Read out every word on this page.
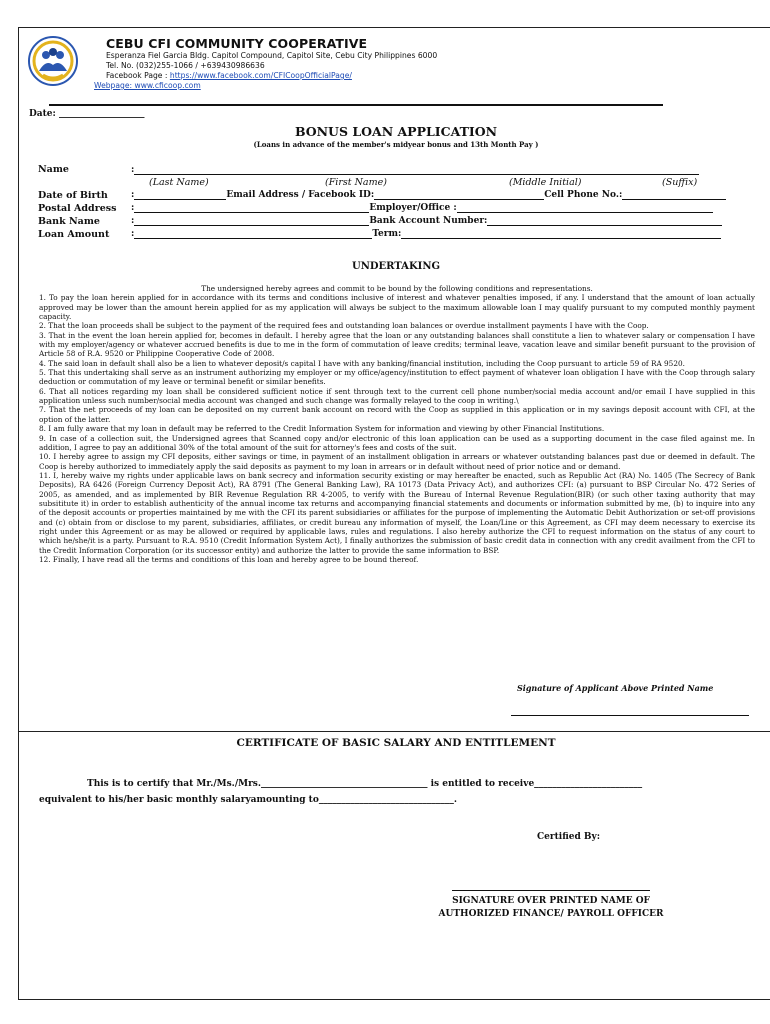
CEBU CFI COMMUNITY COOPERATIVE
Esperanza Fiel Garcia Bldg. Capitol Compound, Capitol Site, Cebu City Philippines 6000
Tel. No. (032)255-1066 / +639430986636
Facebook Page : https://www.facebook.com/CFICoopOfficialPage/
Webpage: www.cficoop.com
Date: ___________________
BONUS LOAN APPLICATION
(Loans in advance of the member's midyear bonus and 13th Month Pay )
Name	:
(Last Name)	(First Name)	(Middle Initial)	(Suffix)
Date of Birth	:	Email Address / Facebook ID:	Cell Phone No.:
Postal Address :	Employer/Office :
Bank Name	:	Bank Account Number:
Loan Amount :	Term:
UNDERTAKING

The undersigned hereby agrees and commit to be bound by the following conditions and representations.

1. To pay the loan herein applied for in accordance with its terms and conditions inclusive of interest and whatever penalties imposed, if any. I understand that the amount of loan actually approved may be lower than the amount herein applied for as my application will always be subject to the maximum allowable loan I may qualify pursuant to my computed monthly payment capacity.

2. That the loan proceeds shall be subject to the payment of the required fees and outstanding loan balances or overdue installment payments I have with the Coop.

3. That in the event the loan herein applied for, becomes in default. I hereby agree that the loan or any outstanding balances shall constitute a lien to whatever salary or compensation I have with my employer/agency or whatever accrued benefits is due to me in the form of commutation of leave credits; terminal leave, vacation leave and similar benefit pursuant to the provision of Article 58 of R.A. 9520 or Philippine Cooperative Code of 2008.

4. The said loan in default shall also be a lien to whatever deposit/s capital I have with any banking/financial institution, including the Coop pursuant to article 59 of RA 9520.

5. That this undertaking shall serve as an instrument authorizing my employer or my office/agency/institution to effect payment of whatever loan obligation I have with the Coop through salary deduction or commutation of my leave or terminal benefit or similar benefits.

6. That all notices regarding my loan shall be considered sufficient notice if sent through text to the current cell phone number/social media account and/or email I have supplied in this application unless such number/social media account was changed and such change was formally relayed to the coop in writing.\

7. That the net proceeds of my loan can be deposited on my current bank account on record with the Coop as supplied in this application or in my savings deposit account with CFI, at the option of the latter.

8. I am fully aware that my loan in default may be referred to the Credit Information System for information and viewing by other Financial Institutions.

9. In case of a collection suit, the Undersigned agrees that Scanned copy and/or electronic of this loan application can be used as a supporting document in the case filed against me. In addition, I agree to pay an additional 30% of the total amount of the suit for attorney's fees and costs of the suit.

10. I hereby agree to assign my CFI deposits, either savings or time, in payment of an installment obligation in arrears or whatever outstanding balances past due or deemed in default. The Coop is hereby authorized to immediately apply the said deposits as payment to my loan in arrears or in default without need of prior notice and or demand.

11. I, hereby waive my rights under applicable laws on bank secrecy and information security existing or may hereafter be enacted, such as Republic Act (RA) No. 1405 (The Secrecy of Bank Deposits), RA 6426 (Foreign Currency Deposit Act), RA 8791 (The General Banking Law), RA 10173 (Data Privacy Act), and authorizes CFI: (a) pursuant to BSP Circular No. 472 Series of 2005, as amended, and as implemented by BIR Revenue Regulation RR 4-2005, to verify with the Bureau of Internal Revenue Regulation(BIR) (or such other taxing authority that may subsititute it) in order to establish authenticity of the annual income tax returns and accompanying financial statements and documents or information submitted by me, (b) to inquire into any of the deposit accounts or properties maintained by me with the CFI its parent subsidiaries or affiliates for the purpose of implementing the Automatic Debit Authorization or set-off provisions and (c) obtain from or disclose to my parent, subsidiaries, affiliates, or credit bureau any information of myself, the Loan/Line or this Agreement, as CFI may deem necessary to exercise its right under this Agreement or as may be allowed or required by applicable laws, rules and regulations. I also hereby authorize the CFI to request information on the status of any court to which he/she/it is a party. Pursuant to R.A. 9510 (Credit Information System Act), I finally authorizes the submission of basic credit data in connection with any credit availment from the CFI to the Credit Information Corporation (or its successor entity) and authorize the latter to provide the same information to BSP.

12. Finally, I have read all the terms and conditions of this loan and hereby agree to be bound thereof.

Signature of Applicant Above Printed Name
CERTIFICATE OF BASIC SALARY AND ENTITLEMENT
This is to certify that Mr./Ms./Mrs._____________________________________ is entitled to receive________________________
equivalent to his/her basic monthly salaryamounting to______________________________.
Certified By:
SIGNATURE OVER PRINTED NAME OF
AUTHORIZED FINANCE/ PAYROLL OFFICER
